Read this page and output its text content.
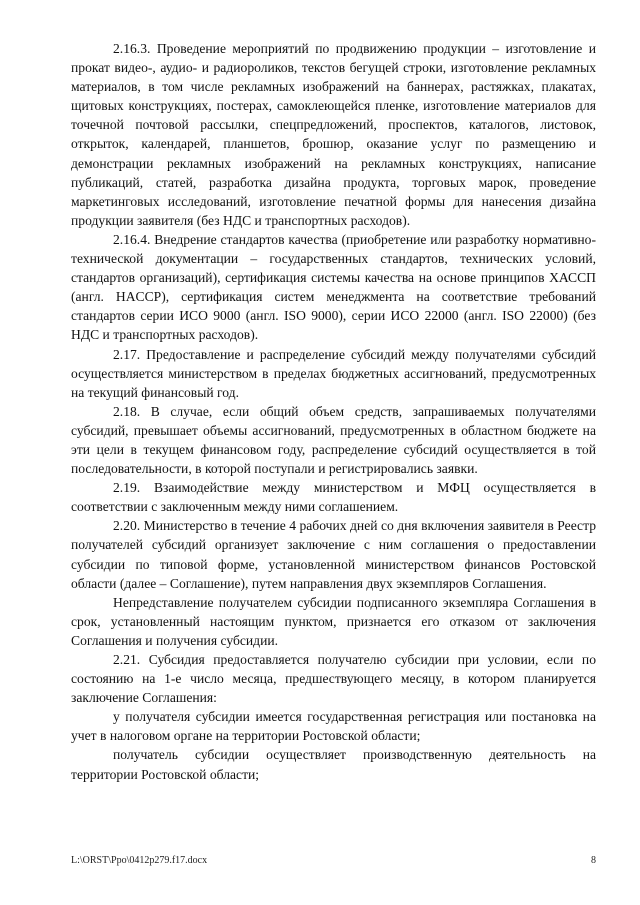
2.16.3. Проведение мероприятий по продвижению продукции – изготовление и прокат видео-, аудио- и радиороликов, текстов бегущей строки, изготовление рекламных материалов, в том числе рекламных изображений на баннерах, растяжках, плакатах, щитовых конструкциях, постерах, самоклеющейся пленке, изготовление материалов для точечной почтовой рассылки, спецпредложений, проспектов, каталогов, листовок, открыток, календарей, планшетов, брошюр, оказание услуг по размещению и демонстрации рекламных изображений на рекламных конструкциях, написание публикаций, статей, разработка дизайна продукта, торговых марок, проведение маркетинговых исследований, изготовление печатной формы для нанесения дизайна продукции заявителя (без НДС и транспортных расходов).

2.16.4. Внедрение стандартов качества (приобретение или разработку нормативно-технической документации – государственных стандартов, технических условий, стандартов организаций), сертификация системы качества на основе принципов ХАССП (англ. HACCP), сертификация систем менеджмента на соответствие требований стандартов серии ИСО 9000 (англ. ISO 9000), серии ИСО 22000 (англ. ISO 22000) (без НДС и транспортных расходов).

2.17. Предоставление и распределение субсидий между получателями субсидий осуществляется министерством в пределах бюджетных ассигнований, предусмотренных на текущий финансовый год.

2.18. В случае, если общий объем средств, запрашиваемых получателями субсидий, превышает объемы ассигнований, предусмотренных в областном бюджете на эти цели в текущем финансовом году, распределение субсидий осуществляется в той последовательности, в которой поступали и регистрировались заявки.

2.19. Взаимодействие между министерством и МФЦ осуществляется в соответствии с заключенным между ними соглашением.

2.20. Министерство в течение 4 рабочих дней со дня включения заявителя в Реестр получателей субсидий организует заключение с ним соглашения о предоставлении субсидии по типовой форме, установленной министерством финансов Ростовской области (далее – Соглашение), путем направления двух экземпляров Соглашения.

Непредставление получателем субсидии подписанного экземпляра Соглашения в срок, установленный настоящим пунктом, признается его отказом от заключения Соглашения и получения субсидии.

2.21. Субсидия предоставляется получателю субсидии при условии, если по состоянию на 1-е число месяца, предшествующего месяцу, в котором планируется заключение Соглашения:

у получателя субсидии имеется государственная регистрация или постановка на учет в налоговом органе на территории Ростовской области;

получатель субсидии осуществляет производственную деятельность на территории Ростовской области;

L:\ORST\Ppo\0412p279.f17.docx	8
